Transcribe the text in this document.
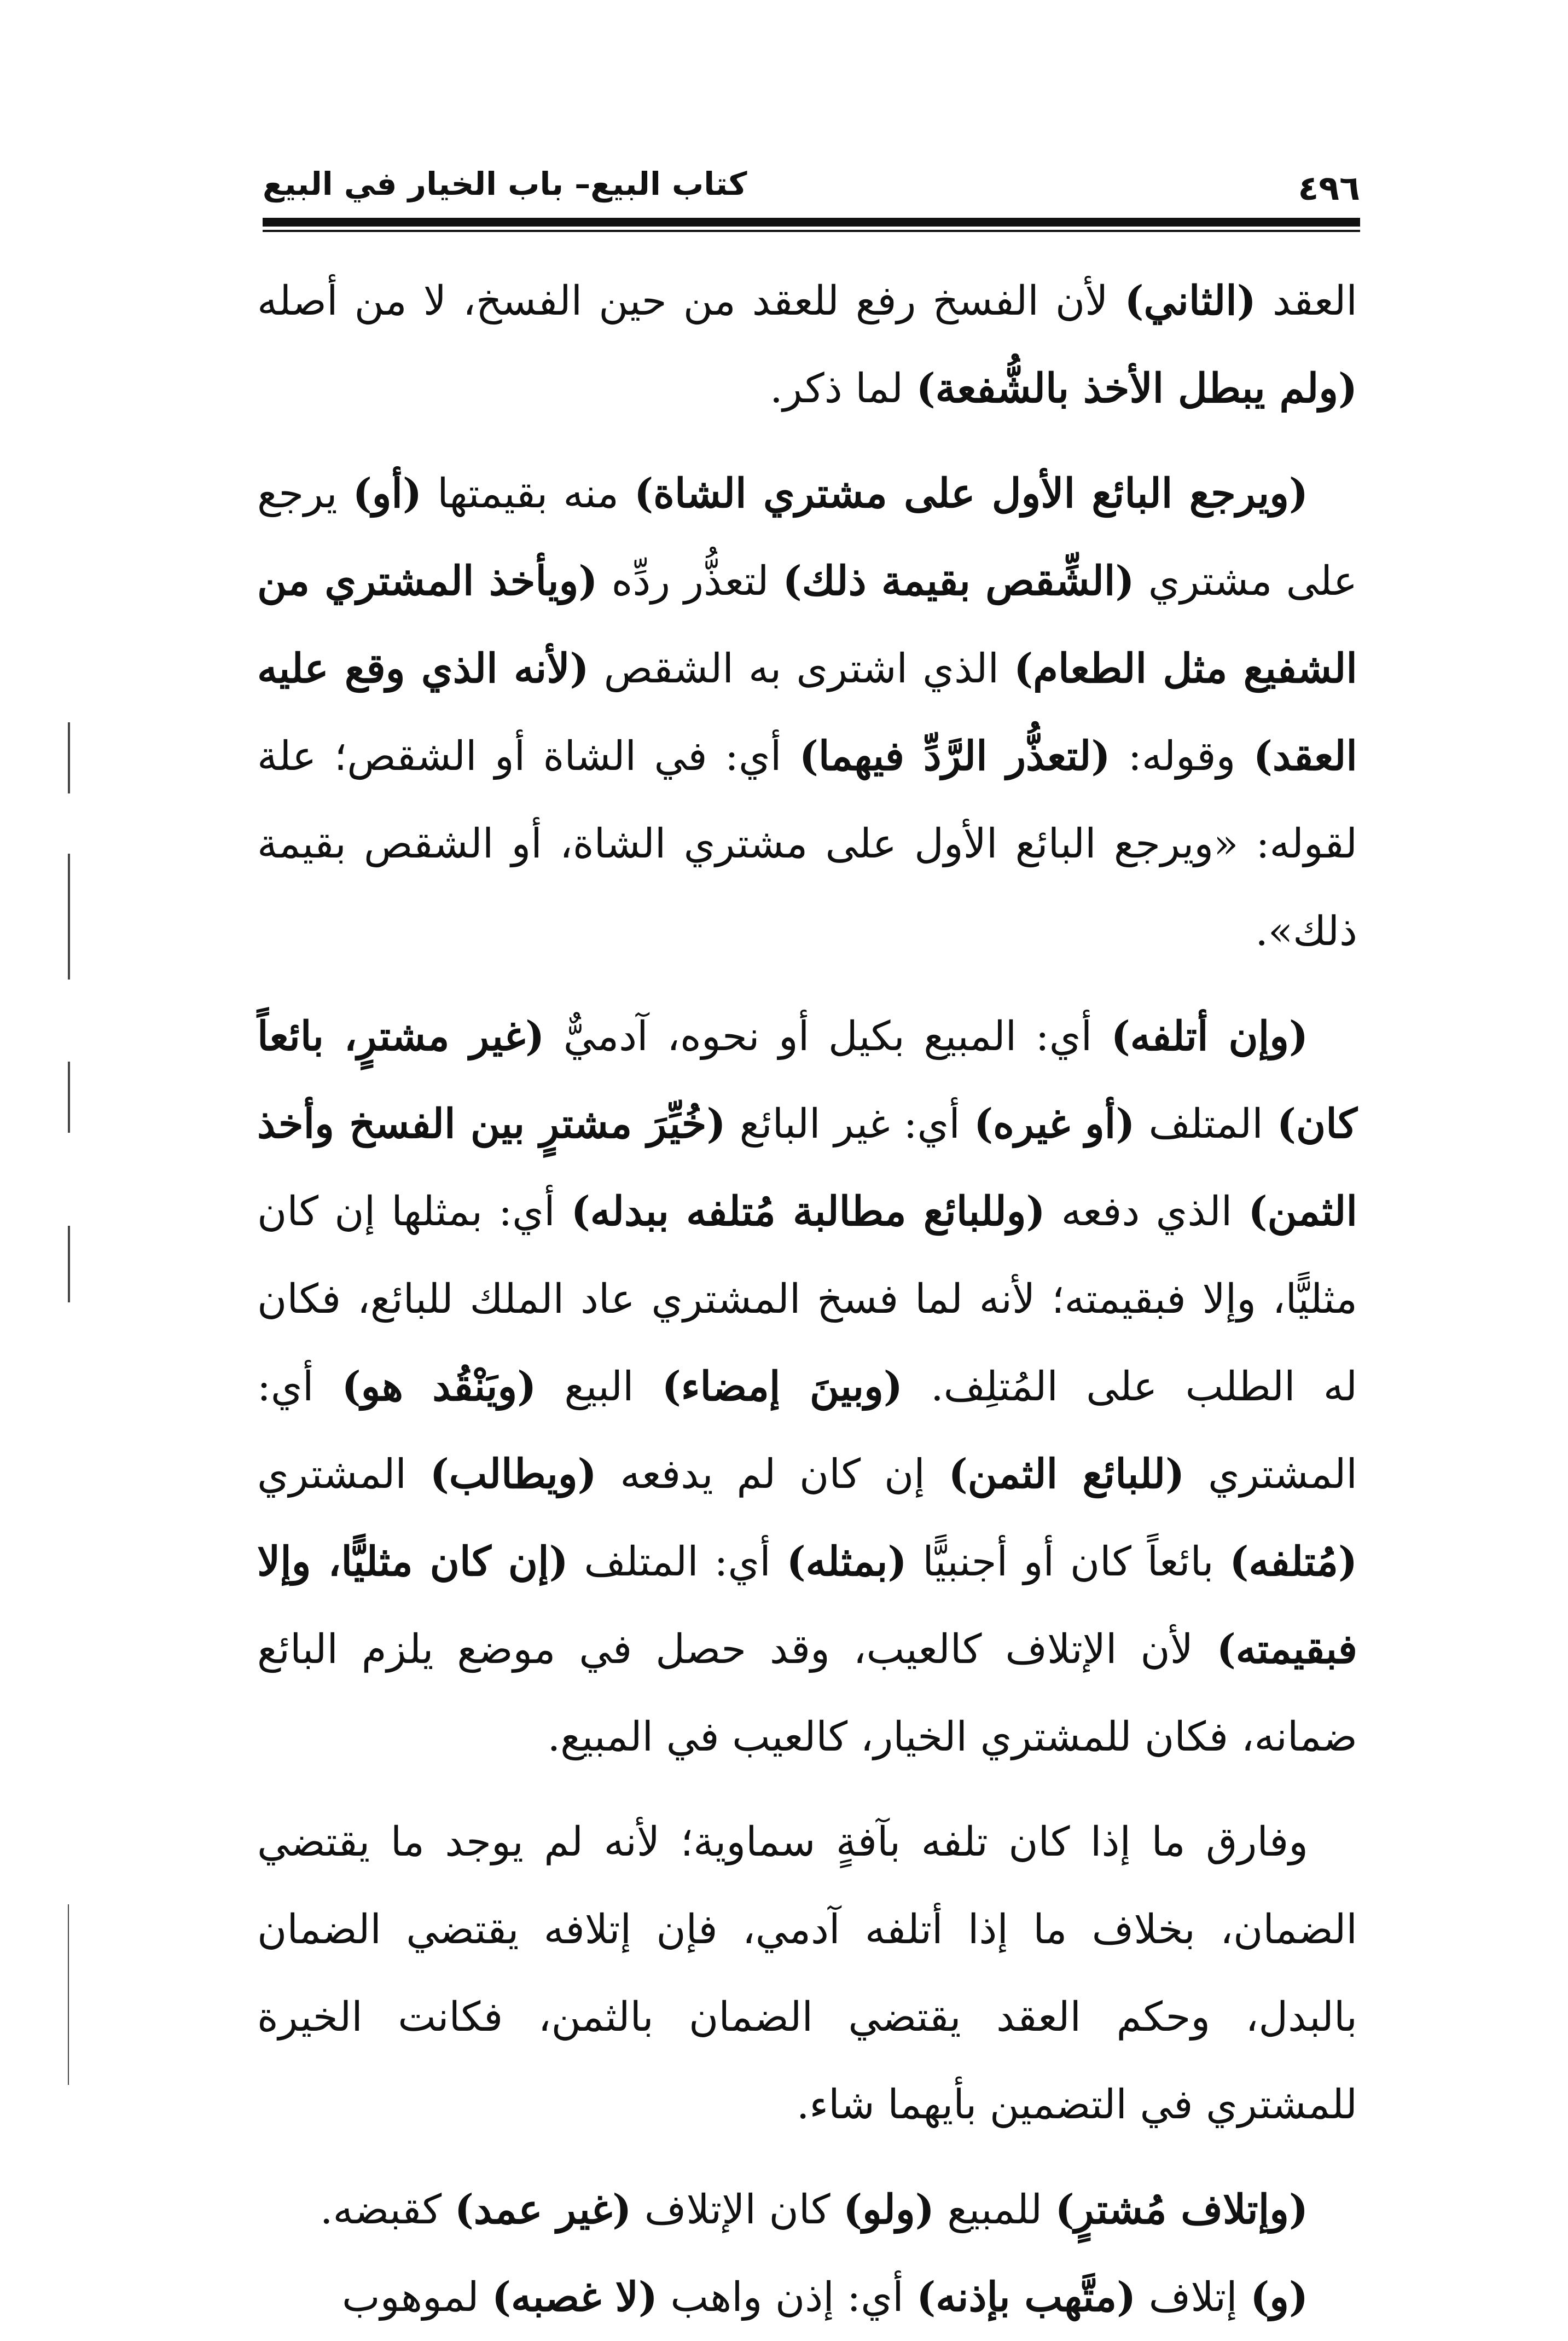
كتاب البيع– باب الخيار في البيع	٤٩٦

العقد (الثاني) لأن الفسخ رفع للعقد من حين الفسخ، لا من أصله (ولم يبطل الأخذ بالشُّفعة) لما ذكر.

(ويرجع البائع الأول على مشتري الشاة) منه بقيمتها (أو) يرجع على مشتري (الشِّقص بقيمة ذلك) لتعذُّر ردِّه (ويأخذ المشتري من الشفيع مثل الطعام) الذي اشترى به الشقص (لأنه الذي وقع عليه العقد) وقوله: (لتعذُّر الرَّدِّ فيهما) أي: في الشاة أو الشقص؛ علة لقوله: «ويرجع البائع الأول على مشتري الشاة، أو الشقص بقيمة ذلك».

(وإن أتلفه) أي: المبيع بكيل أو نحوه، آدميٌّ (غير مشترٍ، بائعاً كان) المتلف (أو غيره) أي: غير البائع (خُيِّرَ مشترٍ بين الفسخ وأخذ الثمن) الذي دفعه (وللبائع مطالبة مُتلفه ببدله) أي: بمثلها إن كان مثليًّا، وإلا فبقيمته؛ لأنه لما فسخ المشتري عاد الملك للبائع، فكان له الطلب على المُتلِف. (وبينَ إمضاء) البيع (ويَنْقُد هو) أي: المشتري (للبائع الثمن) إن كان لم يدفعه (ويطالب) المشتري (مُتلفه) بائعاً كان أو أجنبيًّا (بمثله) أي: المتلف (إن كان مثليًّا، وإلا فبقيمته) لأن الإتلاف كالعيب، وقد حصل في موضع يلزم البائع ضمانه، فكان للمشتري الخيار، كالعيب في المبيع.

وفارق ما إذا كان تلفه بآفةٍ سماوية؛ لأنه لم يوجد ما يقتضي الضمان، بخلاف ما إذا أتلفه آدمي، فإن إتلافه يقتضي الضمان بالبدل، وحكم العقد يقتضي الضمان بالثمن، فكانت الخيرة للمشتري في التضمين بأيهما شاء.

(وإتلاف مُشترٍ) للمبيع (ولو) كان الإتلاف (غير عمد) كقبضه.

(و) إتلاف (متَّهب بإذنه) أي: إذن واهب (لا غصبه) لموهوب
